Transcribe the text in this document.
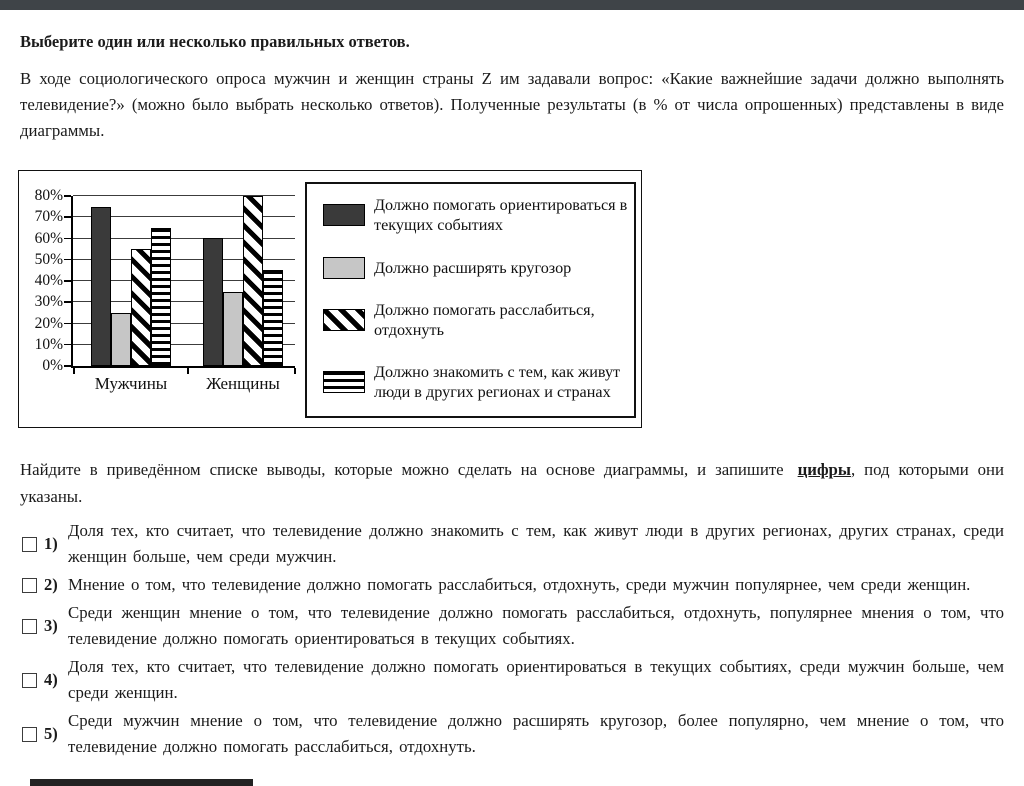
Выберите один или несколько правильных ответов.

В ходе социологического опроса мужчин и женщин страны Z им задавали вопрос: «Какие важнейшие задачи должно выполнять телевидение?» (можно было выбрать несколько ответов). Полученные результаты (в % от числа опрошенных) представлены в виде диаграммы.

0%
10%
20%
30%
40%
50%
60%
70%
80%
Мужчины	Женщины
Должно помогать ориентироваться в текущих событиях
Должно расширять кругозор
Должно помогать расслабиться, отдохнуть
Должно знакомить с тем, как живут люди в других регионах и странах

Найдите в приведённом списке выводы, которые можно сделать на основе диаграммы, и запишите цифры, под которыми они указаны.

1)
Доля тех, кто считает, что телевидение должно знакомить с тем, как живут люди в других регионах, других странах, среди женщин больше, чем среди мужчин.
2) Мнение о том, что телевидение должно помогать расслабиться, отдохнуть, среди мужчин популярнее, чем среди женщин.
3)
Среди женщин мнение о том, что телевидение должно помогать расслабиться, отдохнуть, популярнее мнения о том, что телевидение должно помогать ориентироваться в текущих событиях.
4)
Доля тех, кто считает, что телевидение должно помогать ориентироваться в текущих событиях, среди мужчин больше, чем среди женщин.
5)
Среди мужчин мнение о том, что телевидение должно расширять кругозор, более популярно, чем мнение о том, что телевидение должно помогать расслабиться, отдохнуть.
